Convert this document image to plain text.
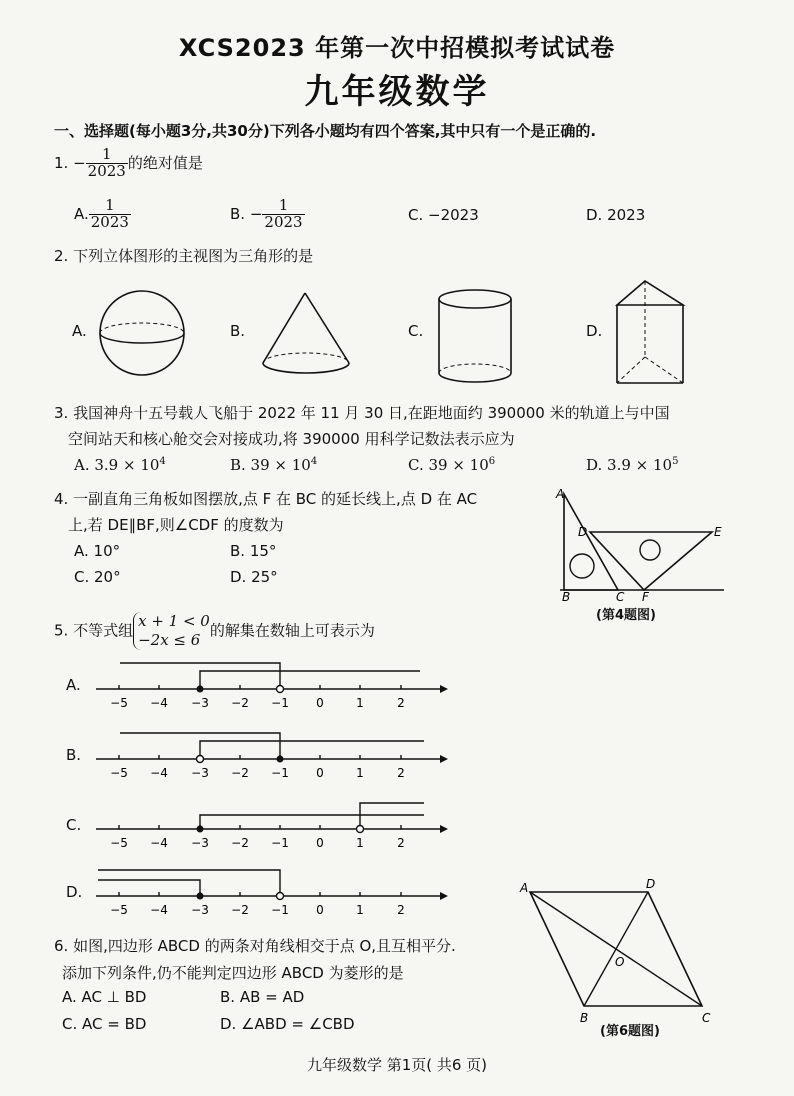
XCS2023 年第一次中招模拟考试试卷
九年级数学
一、选择题(每小题3分,共30分)下列各小题均有四个答案,其中只有一个是正确的.
1. − $\frac{1}{2023}$ 的绝对值是
A. $\frac{1}{2023}$	B. − $\frac{1}{2023}$	C. −2023	D. 2023
2. 下列立体图形的主视图为三角形的是
A.	B.	C.	D.
3. 我国神舟十五号载人飞船于 2022 年 11 月 30 日,在距地面约 390000 米的轨道上与中国
空间站天和核心舱交会对接成功,将 390000 用科学记数法表示应为
A. $3.9 \times 10^4$	B. $39 \times 10^4$	C. $39 \times 10^6$	D. $3.9 \times 10^5$
4. 一副直角三角板如图摆放,点 F 在 BC 的延长线上,点 D 在 AC
上,若 DE∥BF,则∠CDF 的度数为
A. 10°	B. 15°
C. 20°	D. 25°
A
D	E
B	C F
(第4题图)
5. 不等式组
x + 1 < 0
−2x ≤ 6
的解集在数轴上可表示为
A.
B.
C.
D.
−5 −4 −3 −2 −1 0	1	2
−5 −4 −3 −2 −1 0	1	2
−5 −4 −3 −2 −1 0	1	2
−5 −4 −3 −2 −1 0	1	2
6. 如图,四边形 ABCD 的两条对角线相交于点 O,且互相平分.
添加下列条件,仍不能判定四边形 ABCD 为菱形的是
A. AC ⊥ BD	B. AB = AD
C. AC = BD	D. ∠ABD = ∠CBD
A	D
O
B	C
(第6题图)
九年级数学 第1页( 共6 页)
